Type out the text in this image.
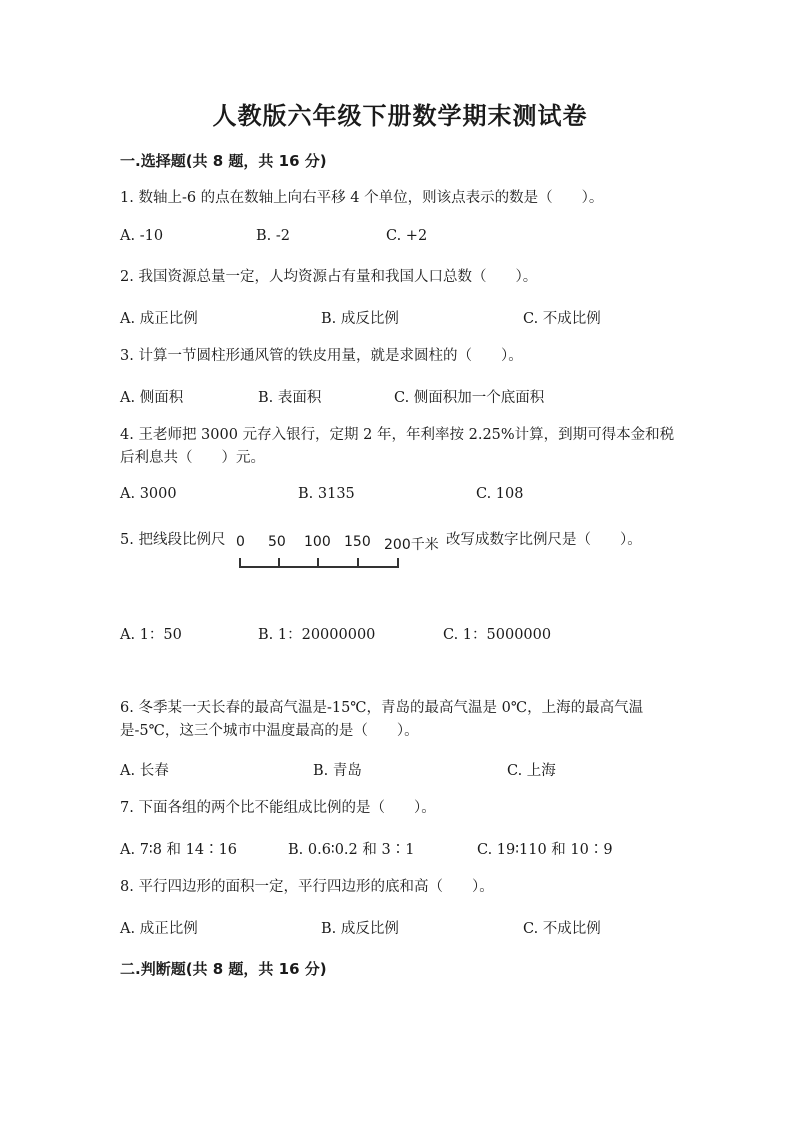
人教版六年级下册数学期末测试卷
一.选择题(共 8 题，共 16 分)
1. 数轴上-6 的点在数轴上向右平移 4 个单位，则该点表示的数是（　　）。
A. -10	B. -2	C. +2
2. 我国资源总量一定，人均资源占有量和我国人口总数（　　）。
A. 成正比例	B. 成反比例	C. 不成比例
3. 计算一节圆柱形通风管的铁皮用量，就是求圆柱的（　　）。
A. 侧面积	B. 表面积	C. 侧面积加一个底面积
4. 王老师把 3000 元存入银行，定期 2 年，年利率按 2.25%计算，到期可得本金和税后利息共（　　）元。
A. 3000	B. 3135	C. 108
5. 把线段比例尺 0 50 100 150 200千米 改写成数字比例尺是（　　）。
A. 1：50	B. 1：20000000	C. 1：5000000
6. 冬季某一天长春的最高气温是-15℃，青岛的最高气温是 0℃，上海的最高气温是-5℃，这三个城市中温度最高的是（　　）。
A. 长春	B. 青岛	C. 上海
7. 下面各组的两个比不能组成比例的是（　　）。
A. 7∶8 和 14∶16	B. 0.6∶0.2 和 3∶1	C. 19∶110 和 10∶9
8. 平行四边形的面积一定，平行四边形的底和高（　　）。
A. 成正比例	B. 成反比例	C. 不成比例
二.判断题(共 8 题，共 16 分)
